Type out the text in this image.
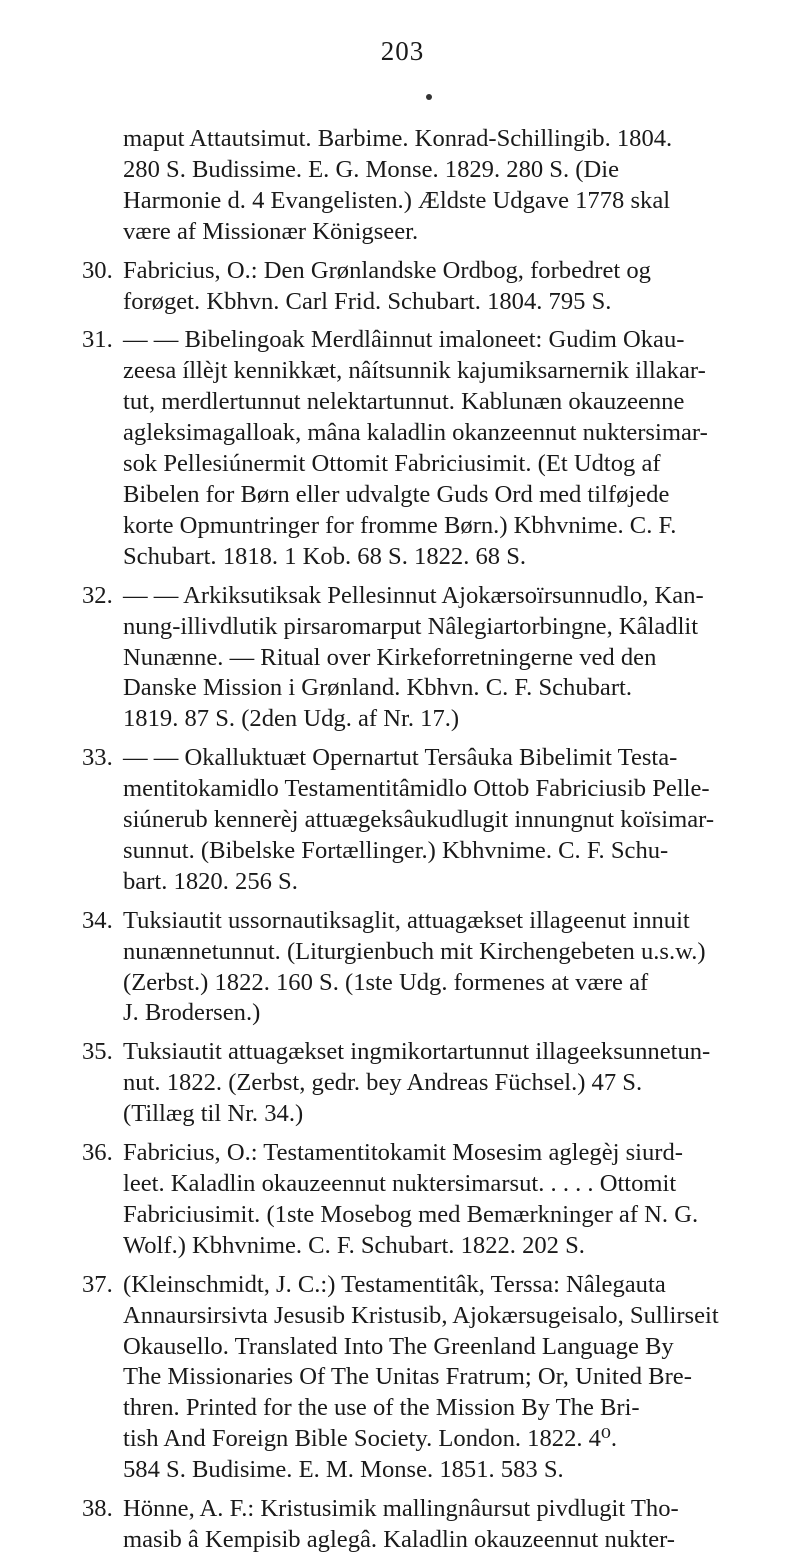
203
maput Attautsimut. Barbime. Konrad-Schillingib. 1804.
280 S. Budissime. E. G. Monse. 1829. 280 S. (Die
Harmonie d. 4 Evangelisten.) Ældste Udgave 1778 skal
være af Missionær Königseer.
30. Fabricius, O.: Den Grønlandske Ordbog, forbedret og
forøget. Kbhvn. Carl Frid. Schubart. 1804. 795 S.
31. — — Bibelingoak Merdlâinnut imaloneet: Gudim Okau-
zeesa íllèjt kennikkæt, nâítsunnik kajumiksarnernik illakar-
tut, merdlertunnut nelektartunnut. Kablunæn okauzeenne
agleksimagalloak, mâna kaladlin okanzeennut nuktersimar-
sok Pellesiúnermit Ottomit Fabriciusimit. (Et Udtog af
Bibelen for Børn eller udvalgte Guds Ord med tilføjede
korte Opmuntringer for fromme Børn.) Kbhvnime. C. F.
Schubart. 1818. 1 Kob. 68 S. 1822. 68 S.
32. — — Arkiksutiksak Pellesinnut Ajokærsoïrsunnudlo, Kan-
nung-illivdlutik pirsaromarput Nâlegiartorbingne, Kâladlit
Nunænne. — Ritual over Kirkeforretningerne ved den
Danske Mission i Grønland. Kbhvn. C. F. Schubart.
1819. 87 S. (2den Udg. af Nr. 17.)
33. — — Okalluktuæt Opernartut Tersâuka Bibelimit Testa-
mentitokamidlo Testamentitâmidlo Ottob Fabriciusib Pelle-
siúnerub kennerèj attuægeksâukudlugit innungnut koïsimar-
sunnut. (Bibelske Fortællinger.) Kbhvnime. C. F. Schu-
bart. 1820. 256 S.
34. Tuksiautit ussornautiksaglit, attuagækset illageenut innuit
nunænnetunnut. (Liturgienbuch mit Kirchengebeten u.s.w.)
(Zerbst.) 1822. 160 S. (1ste Udg. formenes at være af
J. Brodersen.)
35. Tuksiautit attuagækset ingmikortartunnut illageeksunnetun-
nut. 1822. (Zerbst, gedr. bey Andreas Füchsel.) 47 S.
(Tillæg til Nr. 34.)
36. Fabricius, O.: Testamentitokamit Mosesim aglegèj siurd-
leet. Kaladlin okauzeennut nuktersimarsut. . . . . Ottomit
Fabriciusimit. (1ste Mosebog med Bemærkninger af N. G.
Wolf.) Kbhvnime. C. F. Schubart. 1822. 202 S.
37. (Kleinschmidt, J. C.:) Testamentitâk, Terssa: Nâlegauta
Annaursirsivta Jesusib Kristusib, Ajokærsugeisalo, Sullirseit
Okausello. Translated Into The Greenland Language By
The Missionaries Of The Unitas Fratrum; Or, United Bre-
thren. Printed for the use of the Mission By The Bri-
tish And Foreign Bible Society. London. 1822. 4⁰.
584 S. Budisime. E. M. Monse. 1851. 583 S.
38. Hönne, A. F.: Kristusimik mallingnâursut pivdlugit Tho-
masib â Kempisib aglegâ. Kaladlin okauzeennut nukter-
